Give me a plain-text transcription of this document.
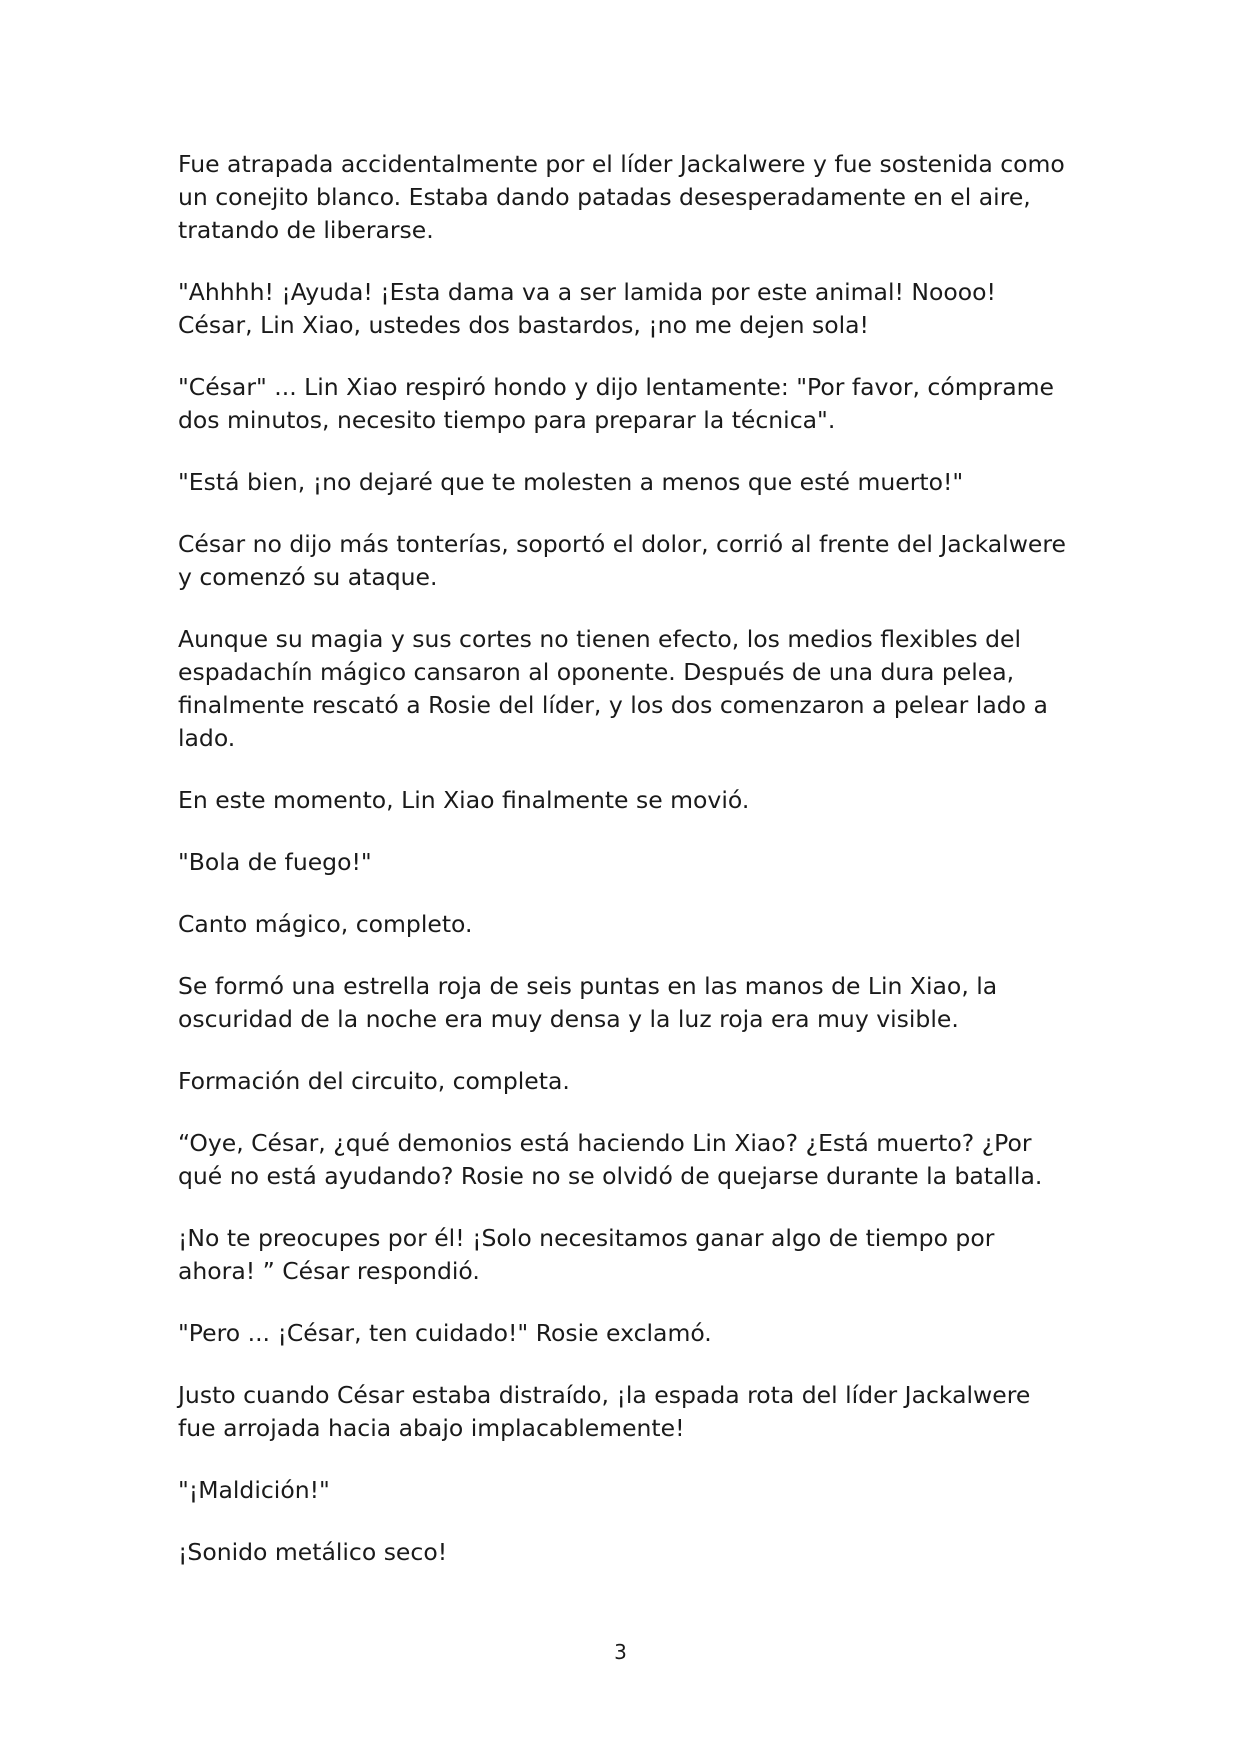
Fue atrapada accidentalmente por el líder Jackalwere y fue sostenida como un conejito blanco. Estaba dando patadas desesperadamente en el aire, tratando de liberarse.

"Ahhhh! ¡Ayuda! ¡Esta dama va a ser lamida por este animal! Noooo! César, Lin Xiao, ustedes dos bastardos, ¡no me dejen sola!

"César" ... Lin Xiao respiró hondo y dijo lentamente: "Por favor, cómprame dos minutos, necesito tiempo para preparar la técnica".

"Está bien, ¡no dejaré que te molesten a menos que esté muerto!"

César no dijo más tonterías, soportó el dolor, corrió al frente del Jackalwere y comenzó su ataque.

Aunque su magia y sus cortes no tienen efecto, los medios flexibles del espadachín mágico cansaron al oponente. Después de una dura pelea, finalmente rescató a Rosie del líder, y los dos comenzaron a pelear lado a lado.

En este momento, Lin Xiao finalmente se movió.

"Bola de fuego!"

Canto mágico, completo.

Se formó una estrella roja de seis puntas en las manos de Lin Xiao, la oscuridad de la noche era muy densa y la luz roja era muy visible.

Formación del circuito, completa.

“Oye, César, ¿qué demonios está haciendo Lin Xiao? ¿Está muerto? ¿Por qué no está ayudando? Rosie no se olvidó de quejarse durante la batalla.

¡No te preocupes por él! ¡Solo necesitamos ganar algo de tiempo por ahora! ” César respondió.

"Pero ... ¡César, ten cuidado!" Rosie exclamó.

Justo cuando César estaba distraído, ¡la espada rota del líder Jackalwere fue arrojada hacia abajo implacablemente!

"¡Maldición!"

¡Sonido metálico seco!

3
